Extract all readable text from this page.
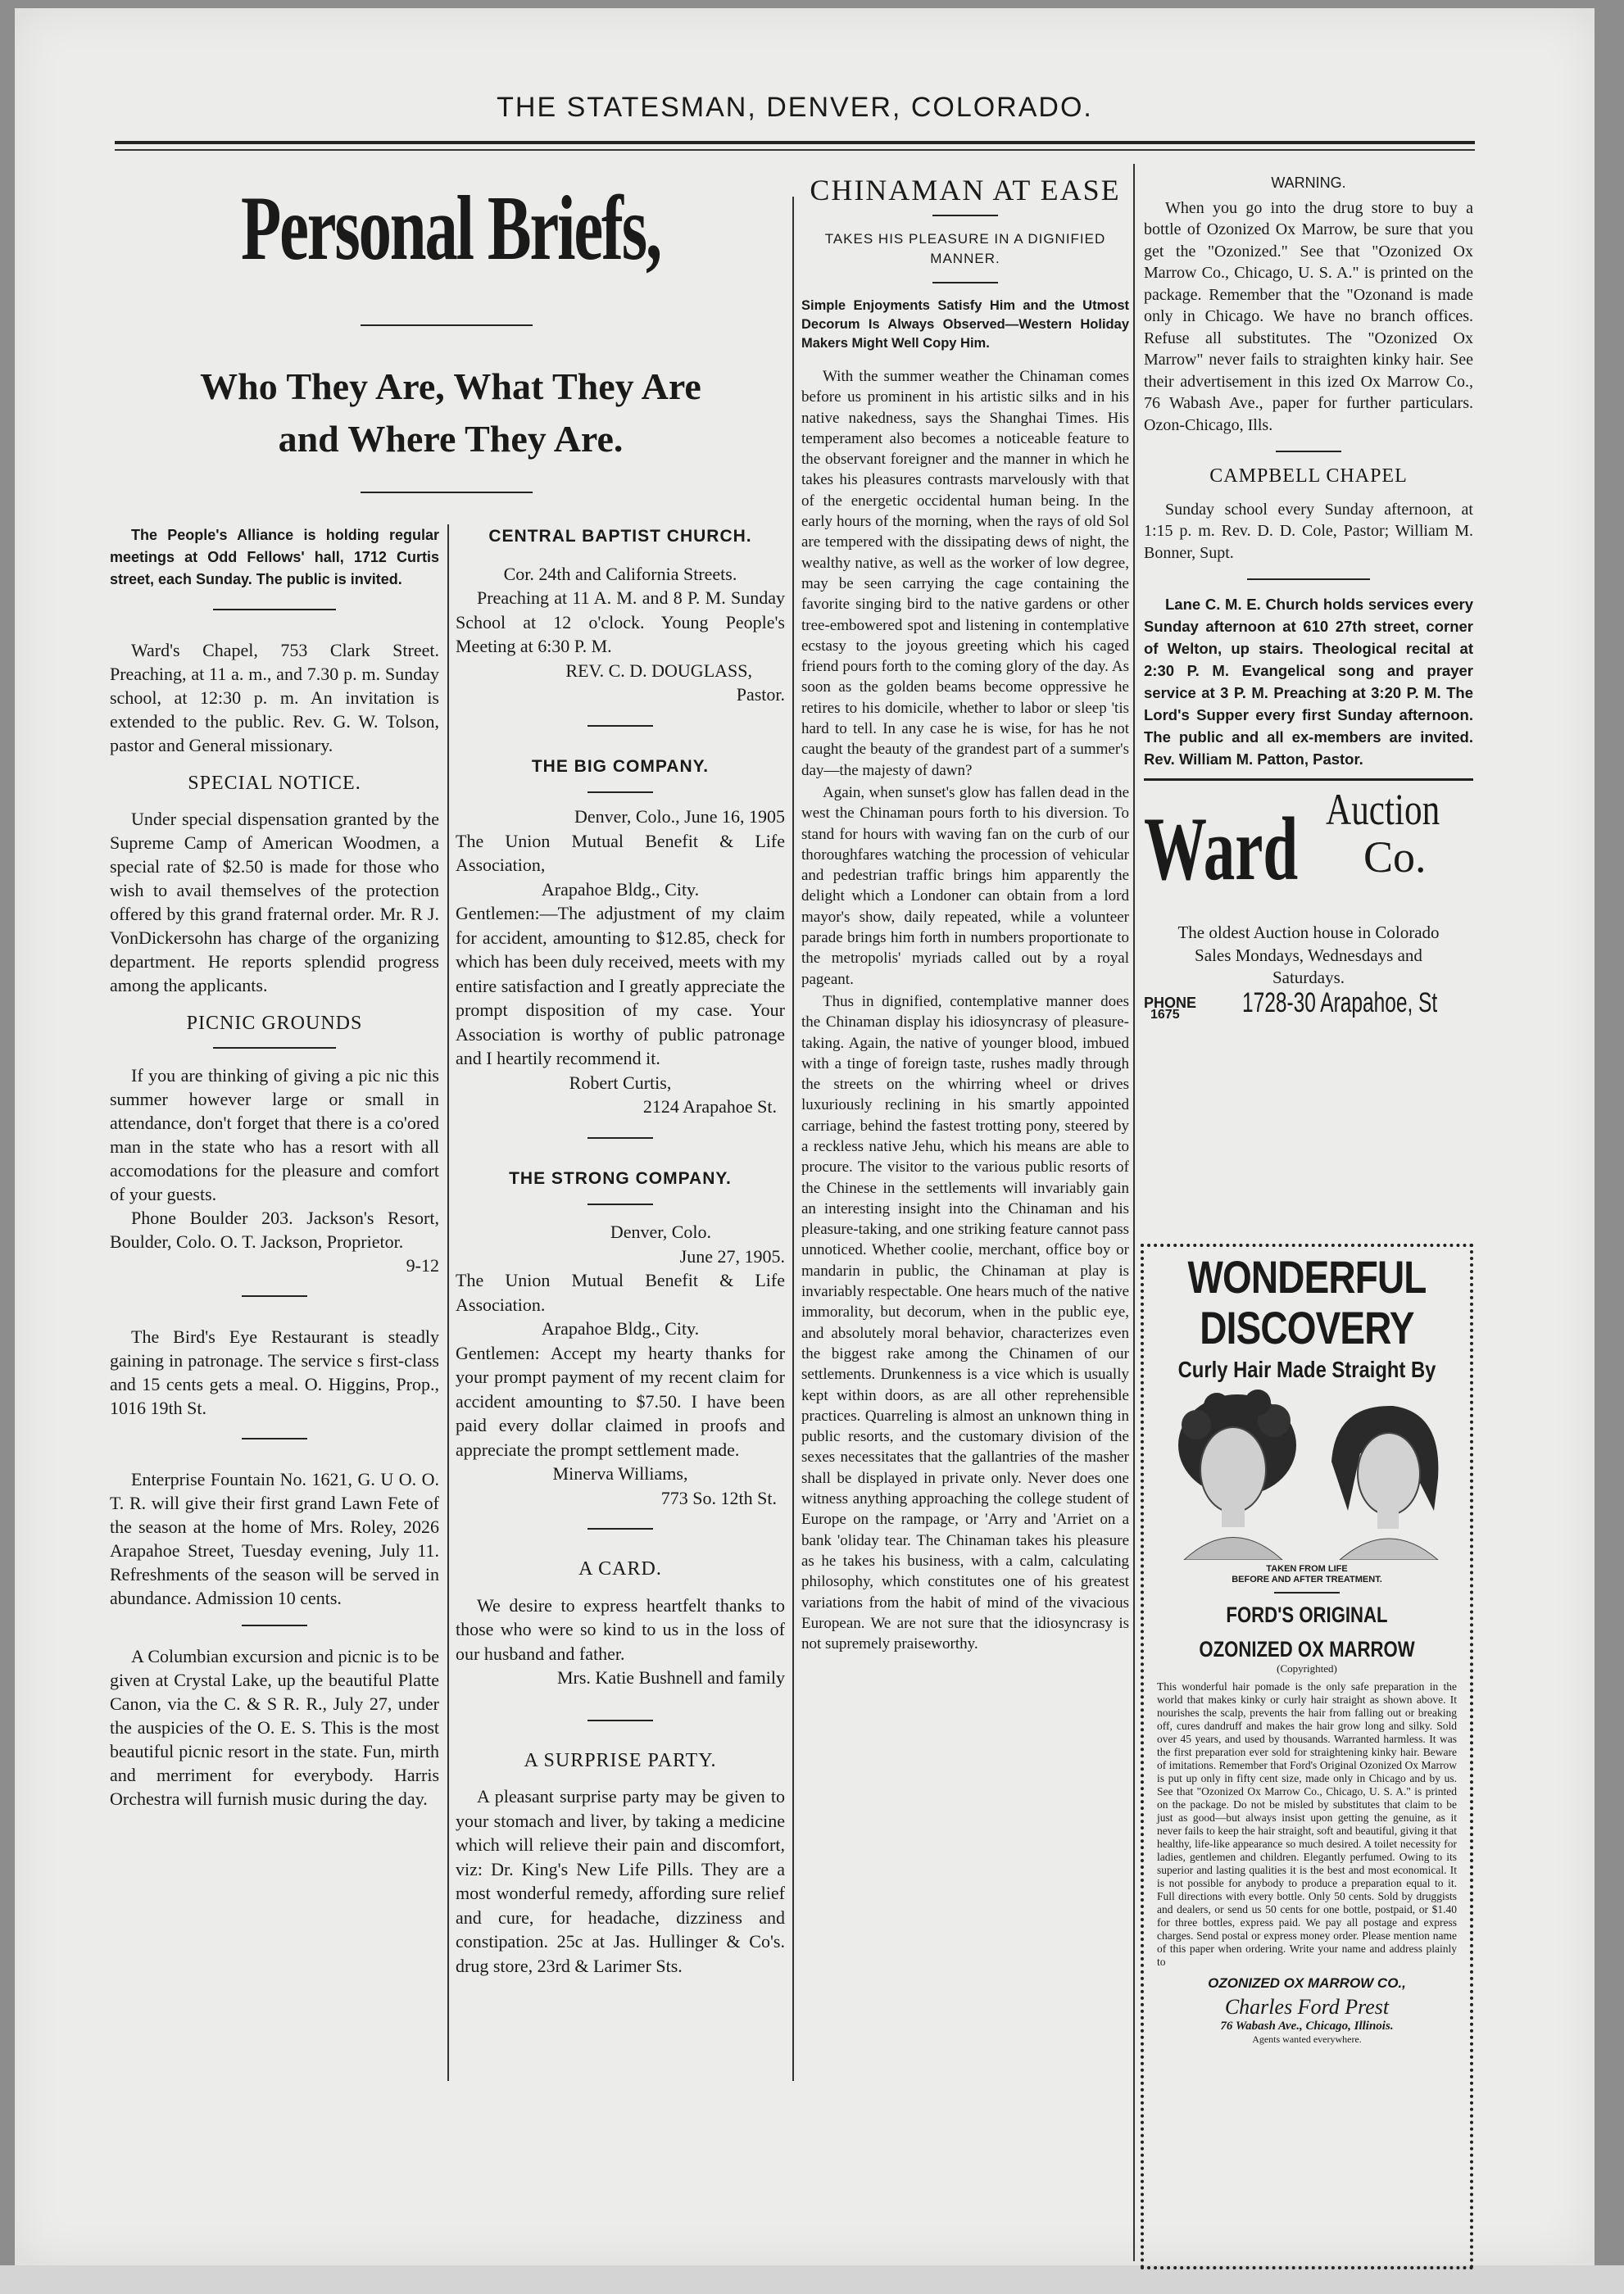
THE STATESMAN, DENVER, COLORADO.
Personal Briefs,
Who They Are, What They Are
and Where They Are.

The People's Alliance is holding regular meetings at Odd Fellows' hall, 1712 Curtis street, each Sunday. The public is invited.

Ward's Chapel, 753 Clark Street. Preaching, at 11 a. m., and 7.30 p. m. Sunday school, at 12:30 p. m. An invitation is extended to the public. Rev. G. W. Tolson, pastor and General missionary.

SPECIAL NOTICE.

Under special dispensation granted by the Supreme Camp of American Woodmen, a special rate of $2.50 is made for those who wish to avail themselves of the protection offered by this grand fraternal order. Mr. R J. VonDickersohn has charge of the organizing department. He reports splendid progress among the applicants.

PICNIC GROUNDS

If you are thinking of giving a pic nic this summer however large or small in attendance, don't forget that there is a co'ored man in the state who has a resort with all accomodations for the pleasure and comfort of your guests.

Phone Boulder 203. Jackson's Resort, Boulder, Colo. O. T. Jackson, Proprietor.

9-12

The Bird's Eye Restaurant is steadly gaining in patronage. The service s first-class and 15 cents gets a meal. O. Higgins, Prop., 1016 19th St.

Enterprise Fountain No. 1621, G. U O. O. T. R. will give their first grand Lawn Fete of the season at the home of Mrs. Roley, 2026 Arapahoe Street, Tuesday evening, July 11. Refreshments of the season will be served in abundance. Admission 10 cents.

A Columbian excursion and picnic is to be given at Crystal Lake, up the beautiful Platte Canon, via the C. & S R. R., July 27, under the auspicies of the O. E. S. This is the most beautiful picnic resort in the state. Fun, mirth and merriment for everybody. Harris Orchestra will furnish music during the day.

CENTRAL BAPTIST CHURCH.
Cor. 24th and California Streets.

Preaching at 11 A. M. and 8 P. M. Sunday School at 12 o'clock. Young People's Meeting at 6:30 P. M.

REV. C. D. DOUGLASS,
Pastor.
THE BIG COMPANY.
Denver, Colo., June 16, 1905
The Union Mutual Benefit & Life Association,
Arapahoe Bldg., City.

Gentlemen:—The adjustment of my claim for accident, amounting to $12.85, check for which has been duly received, meets with my entire satisfaction and I greatly appreciate the prompt disposition of my case. Your Association is worthy of public patronage and I heartily recommend it.

Robert Curtis,
2124 Arapahoe St.
THE STRONG COMPANY.
Denver, Colo.
June 27, 1905.
The Union Mutual Benefit & Life Association.
Arapahoe Bldg., City.

Gentlemen: Accept my hearty thanks for your prompt payment of my recent claim for accident amounting to $7.50. I have been paid every dollar claimed in proofs and appreciate the prompt settlement made.

Minerva Williams,
773 So. 12th St.
A CARD.

We desire to express heartfelt thanks to those who were so kind to us in the loss of our husband and father.

Mrs. Katie Bushnell and family
A SURPRISE PARTY.

A pleasant surprise party may be given to your stomach and liver, by taking a medicine which will relieve their pain and discomfort, viz: Dr. King's New Life Pills. They are a most wonderful remedy, affording sure relief and cure, for headache, dizziness and constipation. 25c at Jas. Hullinger & Co's. drug store, 23rd & Larimer Sts.

CHINAMAN AT EASE
TAKES HIS PLEASURE IN A DIGNIFIED MANNER.
Simple Enjoyments Satisfy Him and the Utmost Decorum Is Always Observed—Western Holiday Makers Might Well Copy Him.

With the summer weather the Chinaman comes before us prominent in his artistic silks and in his native nakedness, says the Shanghai Times. His temperament also becomes a noticeable feature to the observant foreigner and the manner in which he takes his pleasures contrasts marvelously with that of the energetic occidental human being. In the early hours of the morning, when the rays of old Sol are tempered with the dissipating dews of night, the wealthy native, as well as the worker of low degree, may be seen carrying the cage containing the favorite singing bird to the native gardens or other tree-embowered spot and listening in contemplative ecstasy to the joyous greeting which his caged friend pours forth to the coming glory of the day. As soon as the golden beams become oppressive he retires to his domicile, whether to labor or sleep 'tis hard to tell. In any case he is wise, for has he not caught the beauty of the grandest part of a summer's day—the majesty of dawn?

Again, when sunset's glow has fallen dead in the west the Chinaman pours forth to his diversion. To stand for hours with waving fan on the curb of our thoroughfares watching the procession of vehicular and pedestrian traffic brings him apparently the delight which a Londoner can obtain from a lord mayor's show, daily repeated, while a volunteer parade brings him forth in numbers proportionate to the metropolis' myriads called out by a royal pageant.

Thus in dignified, contemplative manner does the Chinaman display his idiosyncrasy of pleasure-taking. Again, the native of younger blood, imbued with a tinge of foreign taste, rushes madly through the streets on the whirring wheel or drives luxuriously reclining in his smartly appointed carriage, behind the fastest trotting pony, steered by a reckless native Jehu, which his means are able to procure. The visitor to the various public resorts of the Chinese in the settlements will invariably gain an interesting insight into the Chinaman and his pleasure-taking, and one striking feature cannot pass unnoticed. Whether coolie, merchant, office boy or mandarin in public, the Chinaman at play is invariably respectable. One hears much of the native immorality, but decorum, when in the public eye, and absolutely moral behavior, characterizes even the biggest rake among the Chinamen of our settlements. Drunkenness is a vice which is usually kept within doors, as are all other reprehensible practices. Quarreling is almost an unknown thing in public resorts, and the customary division of the sexes necessitates that the gallantries of the masher shall be displayed in private only. Never does one witness anything approaching the college student of Europe on the rampage, or 'Arry and 'Arriet on a bank 'oliday tear. The Chinaman takes his pleasure as he takes his business, with a calm, calculating philosophy, which constitutes one of his greatest variations from the habit of mind of the vivacious European. We are not sure that the idiosyncrasy is not supremely praiseworthy.

WARNING.

When you go into the drug store to buy a bottle of Ozonized Ox Marrow, be sure that you get the "Ozonized." See that "Ozonized Ox Marrow Co., Chicago, U. S. A." is printed on the package. Remember that the "Ozonand is made only in Chicago. We have no branch offices. Refuse all substitutes. The "Ozonized Ox Marrow" never fails to straighten kinky hair. See their advertisement in this ized Ox Marrow Co., 76 Wabash Ave., paper for further particulars. Ozon-Chicago, Ills.

CAMPBELL CHAPEL

Sunday school every Sunday afternoon, at 1:15 p. m. Rev. D. D. Cole, Pastor; William M. Bonner, Supt.

Lane C. M. E. Church holds services every Sunday afternoon at 610 27th street, corner of Welton, up stairs. Theological recital at 2:30 P. M. Evangelical song and prayer service at 3 P. M. Preaching at 3:20 P. M. The Lord's Supper every first Sunday afternoon. The public and all ex-members are invited. Rev. William M. Patton, Pastor.

Ward Auction
Co.
The oldest Auction house in Colorado
Sales Mondays, Wednesdays and Saturdays.
PHONE
1675 1728-30 Arapahoe, St
WONDERFUL
DISCOVERY
Curly Hair Made Straight By
TAKEN FROM LIFE
BEFORE AND AFTER TREATMENT.
FORD'S ORIGINAL
OZONIZED OX MARROW
(Copyrighted)
This wonderful hair pomade is the only safe preparation in the world that makes kinky or curly hair straight as shown above. It nourishes the scalp, prevents the hair from falling out or breaking off, cures dandruff and makes the hair grow long and silky. Sold over 45 years, and used by thousands. Warranted harmless. It was the first preparation ever sold for straightening kinky hair. Beware of imitations. Remember that Ford's Original Ozonized Ox Marrow is put up only in fifty cent size, made only in Chicago and by us. See that "Ozonized Ox Marrow Co., Chicago, U. S. A." is printed on the package. Do not be misled by substitutes that claim to be just as good—but always insist upon getting the genuine, as it never fails to keep the hair straight, soft and beautiful, giving it that healthy, life-like appearance so much desired. A toilet necessity for ladies, gentlemen and children. Elegantly perfumed. Owing to its superior and lasting qualities it is the best and most economical. It is not possible for anybody to produce a preparation equal to it. Full directions with every bottle. Only 50 cents. Sold by druggists and dealers, or send us 50 cents for one bottle, postpaid, or $1.40 for three bottles, express paid. We pay all postage and express charges. Send postal or express money order. Please mention name of this paper when ordering. Write your name and address plainly to
OZONIZED OX MARROW CO.,
Charles Ford Prest
76 Wabash Ave., Chicago, Illinois.
Agents wanted everywhere.
